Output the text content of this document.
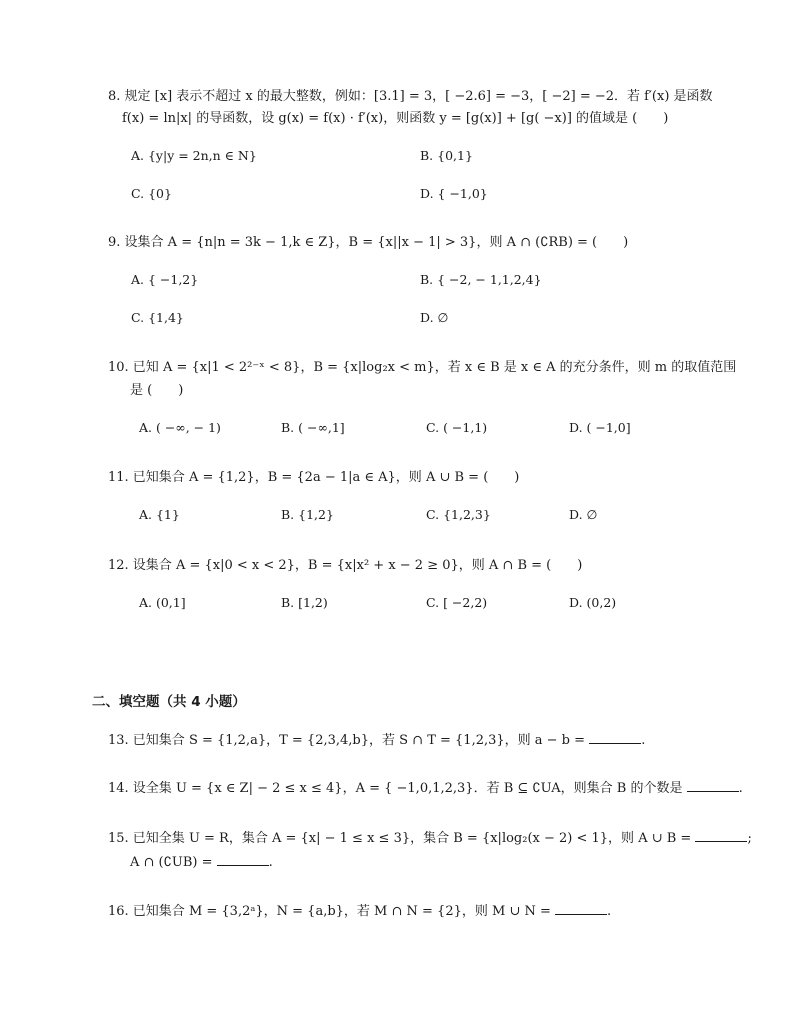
8. 规定 [x] 表示不超过 x 的最大整数，例如：[3.1] = 3，[ −2.6] = −3，[ −2] = −2．若 f′(x) 是函数
f(x) = ln|x| 的导函数，设 g(x) = f(x) · f′(x)，则函数 y = [g(x)] + [g( −x)] 的值域是 (　　)
A. {y|y = 2n,n ∈ N}	B. {0,1}
C. {0}	D. { −1,0}
9. 设集合 A = {n|n = 3k − 1,k ∈ Z}，B = {x||x − 1| > 3}，则 A ∩ (∁RB) = (　　)
A. { −1,2}	B. { −2, − 1,1,2,4}
C. {1,4}	D. ∅
10. 已知 A = {x|1 < 2²⁻ˣ < 8}，B = {x|log₂x < m}，若 x ∈ B 是 x ∈ A 的充分条件，则 m 的取值范围
是 (　　)
A. ( −∞, − 1)	B. ( −∞,1]	C. ( −1,1)	D. ( −1,0]
11. 已知集合 A = {1,2}，B = {2a − 1|a ∈ A}，则 A ∪ B = (　　)
A. {1}	B. {1,2}	C. {1,2,3}	D. ∅
12. 设集合 A = {x|0 < x < 2}，B = {x|x² + x − 2 ≥ 0}，则 A ∩ B = (　　)
A. (0,1]	B. [1,2)	C. [ −2,2)	D. (0,2)
二、填空题（共 4 小题）
13. 已知集合 S = {1,2,a}，T = {2,3,4,b}，若 S ∩ T = {1,2,3}，则 a − b =	.
14. 设全集 U = {x ∈ Z| − 2 ≤ x ≤ 4}，A = { −1,0,1,2,3}．若 B ⊆ ∁UA，则集合 B 的个数是	.
15. 已知全集 U = R，集合 A = {x| − 1 ≤ x ≤ 3}，集合 B = {x|log₂(x − 2) < 1}，则 A ∪ B =	;
A ∩ (∁UB) =	.
16. 已知集合 M = {3,2ᵃ}，N = {a,b}，若 M ∩ N = {2}，则 M ∪ N =	.
